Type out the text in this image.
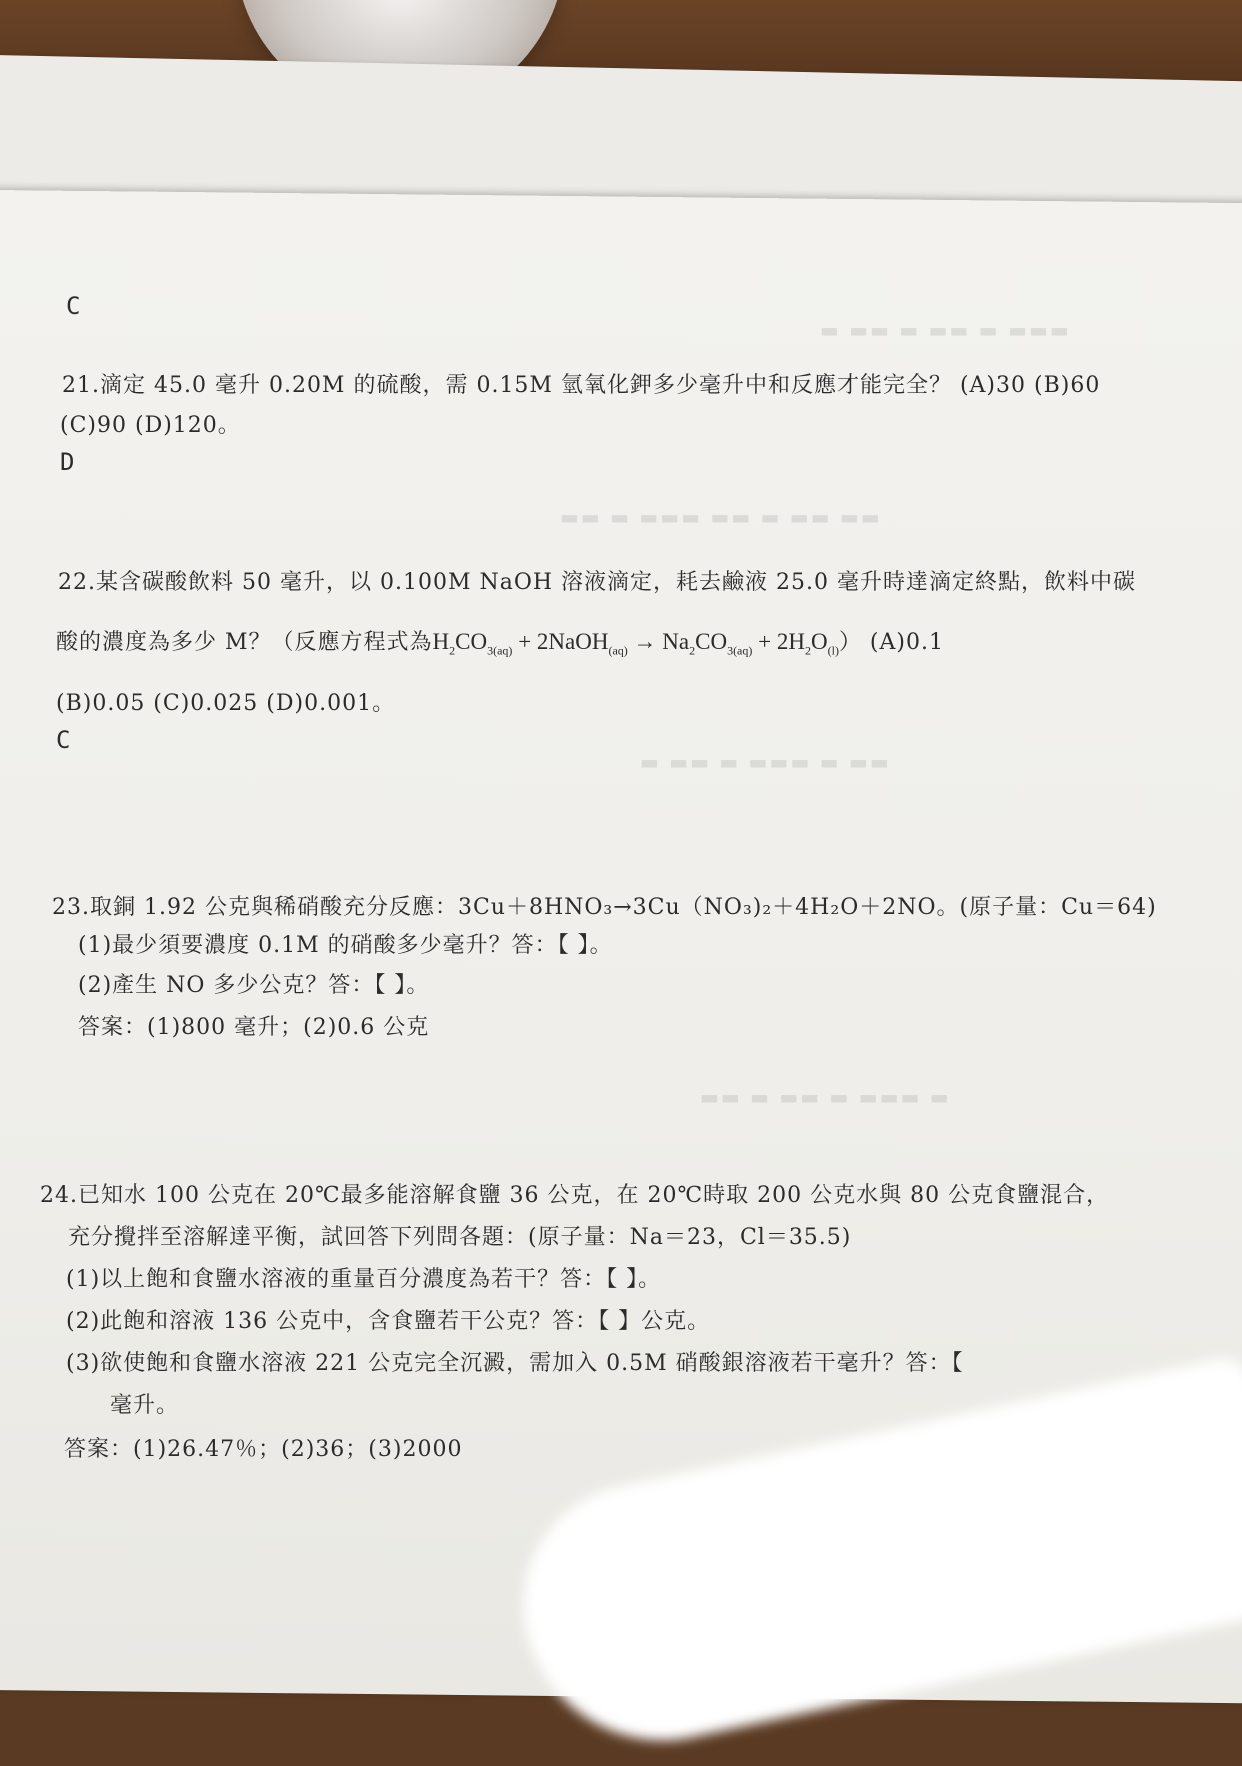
▬ ▬▬ ▬ ▬▬ ▬ ▬▬▬
▬▬ ▬ ▬▬▬ ▬▬ ▬ ▬▬ ▬▬
▬ ▬▬ ▬ ▬▬▬ ▬ ▬▬
▬▬ ▬ ▬▬ ▬ ▬▬▬ ▬
C
21.滴定 45.0 毫升 0.20M 的硫酸，需 0.15M 氫氧化鉀多少毫升中和反應才能完全？ (A)30 (B)60
(C)90 (D)120。
D
22.某含碳酸飲料 50 毫升，以 0.100M NaOH 溶液滴定，耗去鹼液 25.0 毫升時達滴定終點，飲料中碳
酸的濃度為多少 M？（反應方程式為$H_2CO_{3(aq)}$ + 2NaOH$_{(aq)}$ → $Na_2CO_{3(aq)} + 2H_2O_{(l)}$） (A)0.1
(B)0.05 (C)0.025 (D)0.001。
C
23.取銅 1.92 公克與稀硝酸充分反應：3Cu＋8HNO₃→3Cu（NO₃)₂＋4H₂O＋2NO。(原子量：Cu＝64)
(1)最少須要濃度 0.1M 的硝酸多少毫升？答：【 】。
(2)產生 NO 多少公克？答：【 】。
答案：(1)800 毫升；(2)0.6 公克
24.已知水 100 公克在 20℃最多能溶解食鹽 36 公克，在 20℃時取 200 公克水與 80 公克食鹽混合，
充分攪拌至溶解達平衡，試回答下列問各題：(原子量：Na＝23，Cl＝35.5)
(1)以上飽和食鹽水溶液的重量百分濃度為若干？答：【 】。
(2)此飽和溶液 136 公克中，含食鹽若干公克？答：【 】公克。
(3)欲使飽和食鹽水溶液 221 公克完全沉澱，需加入 0.5M 硝酸銀溶液若干毫升？答：【
毫升。
答案：(1)26.47％；(2)36；(3)2000
